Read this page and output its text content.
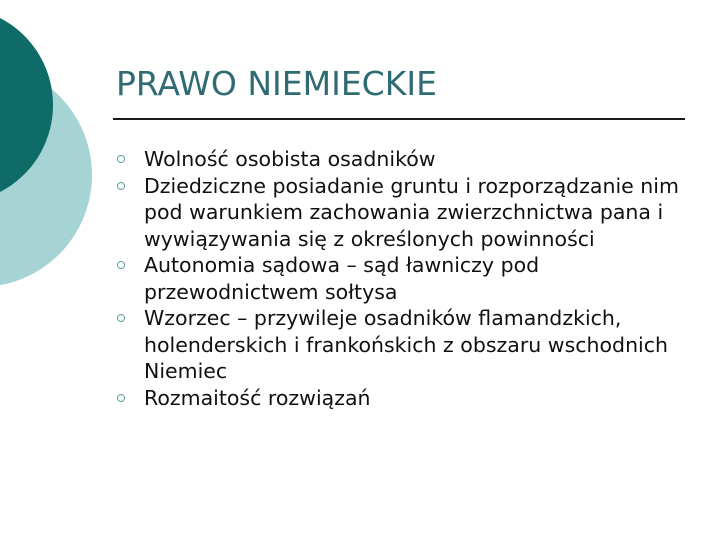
PRAWO NIEMIECKIE
Wolność osobista osadników
Dziedziczne posiadanie gruntu i rozporządzanie nim pod warunkiem zachowania zwierzchnictwa pana i wywiązywania się z określonych powinności
Autonomia sądowa – sąd ławniczy pod przewodnictwem sołtysa
Wzorzec – przywileje osadników flamandzkich, holenderskich i frankońskich z obszaru wschodnich Niemiec
Rozmaitość rozwiązań
